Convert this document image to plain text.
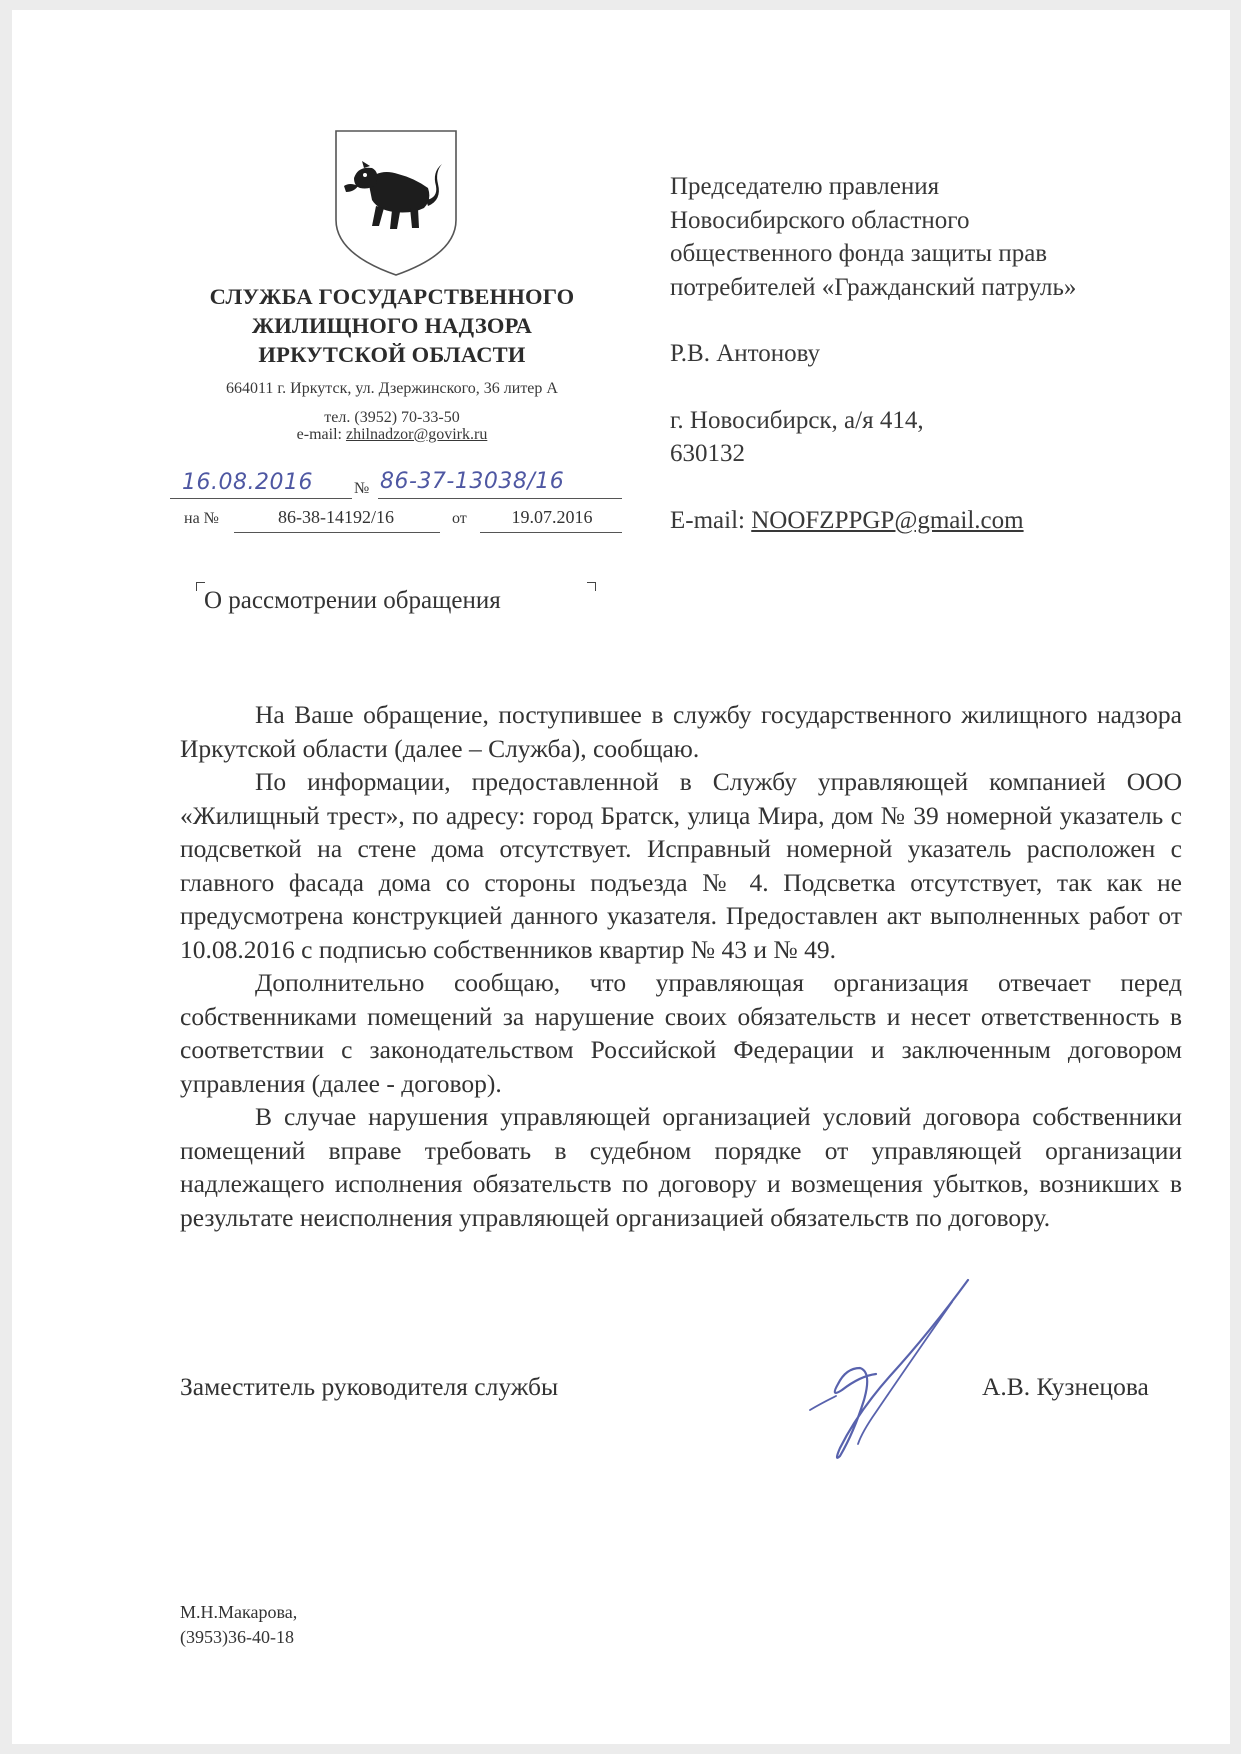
СЛУЖБА ГОСУДАРСТВЕННОГО
ЖИЛИЩНОГО НАДЗОРА
ИРКУТСКОЙ ОБЛАСТИ
664011 г. Иркутск, ул. Дзержинского, 36 литер А
тел. (3952) 70-33-50
e-mail: zhilnadzor@govirk.ru
16.08.2016	№ 86-37-13038/16
на №	86-38-14192/16	от	19.07.2016
Председателю правления
Новосибирского областного
общественного фонда защиты прав
потребителей «Гражданский патруль»
Р.В. Антонову
г. Новосибирск, а/я 414,
630132
E-mail: NOOFZPPGP@gmail.com
О рассмотрении обращения

На Ваше обращение, поступившее в службу государственного жилищного надзора Иркутской области (далее – Служба), сообщаю.

По информации, предоставленной в Службу управляющей компанией ООО «Жилищный трест», по адресу: город Братск, улица Мира, дом № 39 номерной указатель с подсветкой на стене дома отсутствует. Исправный номерной указатель расположен с главного фасада дома со стороны подъезда № 4. Подсветка отсутствует, так как не предусмотрена конструкцией данного указателя. Предоставлен акт выполненных работ от 10.08.2016 с подписью собственников квартир № 43 и № 49.

Дополнительно сообщаю, что управляющая организация отвечает перед собственниками помещений за нарушение своих обязательств и несет ответственность в соответствии с законодательством Российской Федерации и заключенным договором управления (далее - договор).

В случае нарушения управляющей организацией условий договора собственники помещений вправе требовать в судебном порядке от управляющей организации надлежащего исполнения обязательств по договору и возмещения убытков, возникших в результате неисполнения управляющей организацией обязательств по договору.

Заместитель руководителя службы	А.В. Кузнецова
М.Н.Макарова,
(3953)36-40-18
